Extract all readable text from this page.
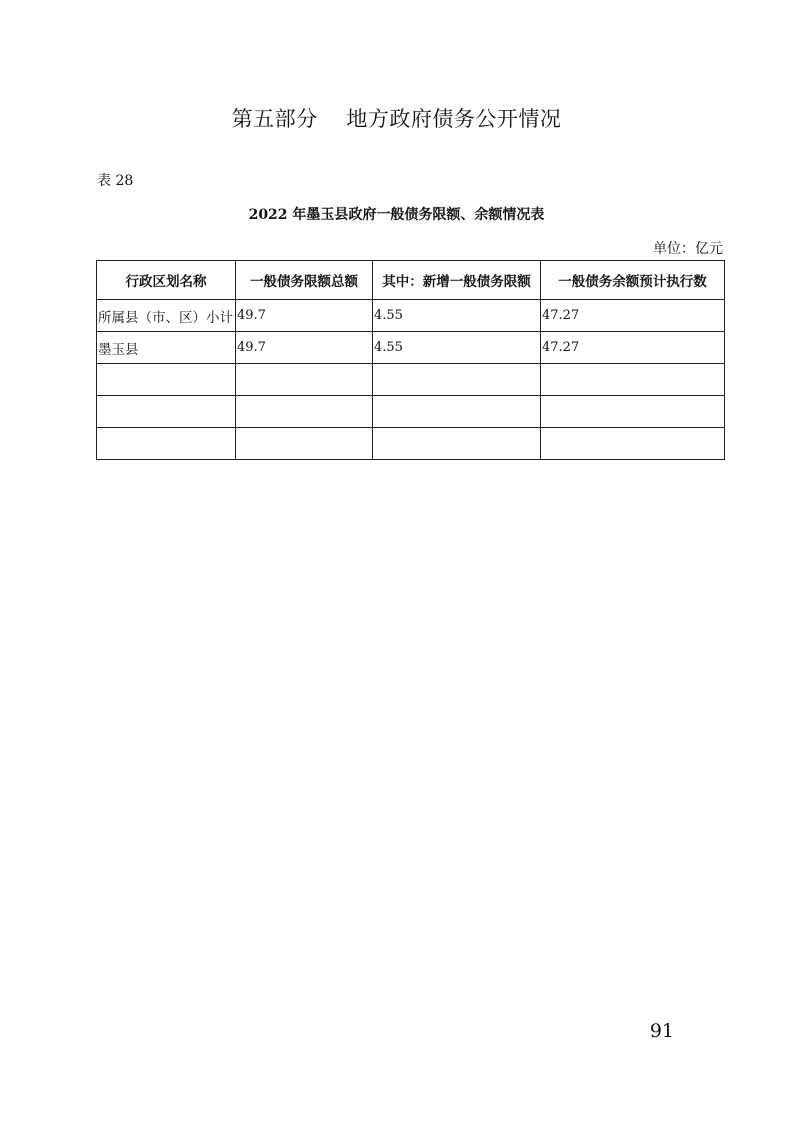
第五部分    地方政府债务公开情况
表 28
2022 年墨玉县政府一般债务限额、余额情况表
单位：亿元
行政区划名称	一般债务限额总额	其中：新增一般债务限额	一般债务余额预计执行数
所属县（市、区）小计	49.7	4.55	47.27
墨玉县	49.7	4.55	47.27

91
